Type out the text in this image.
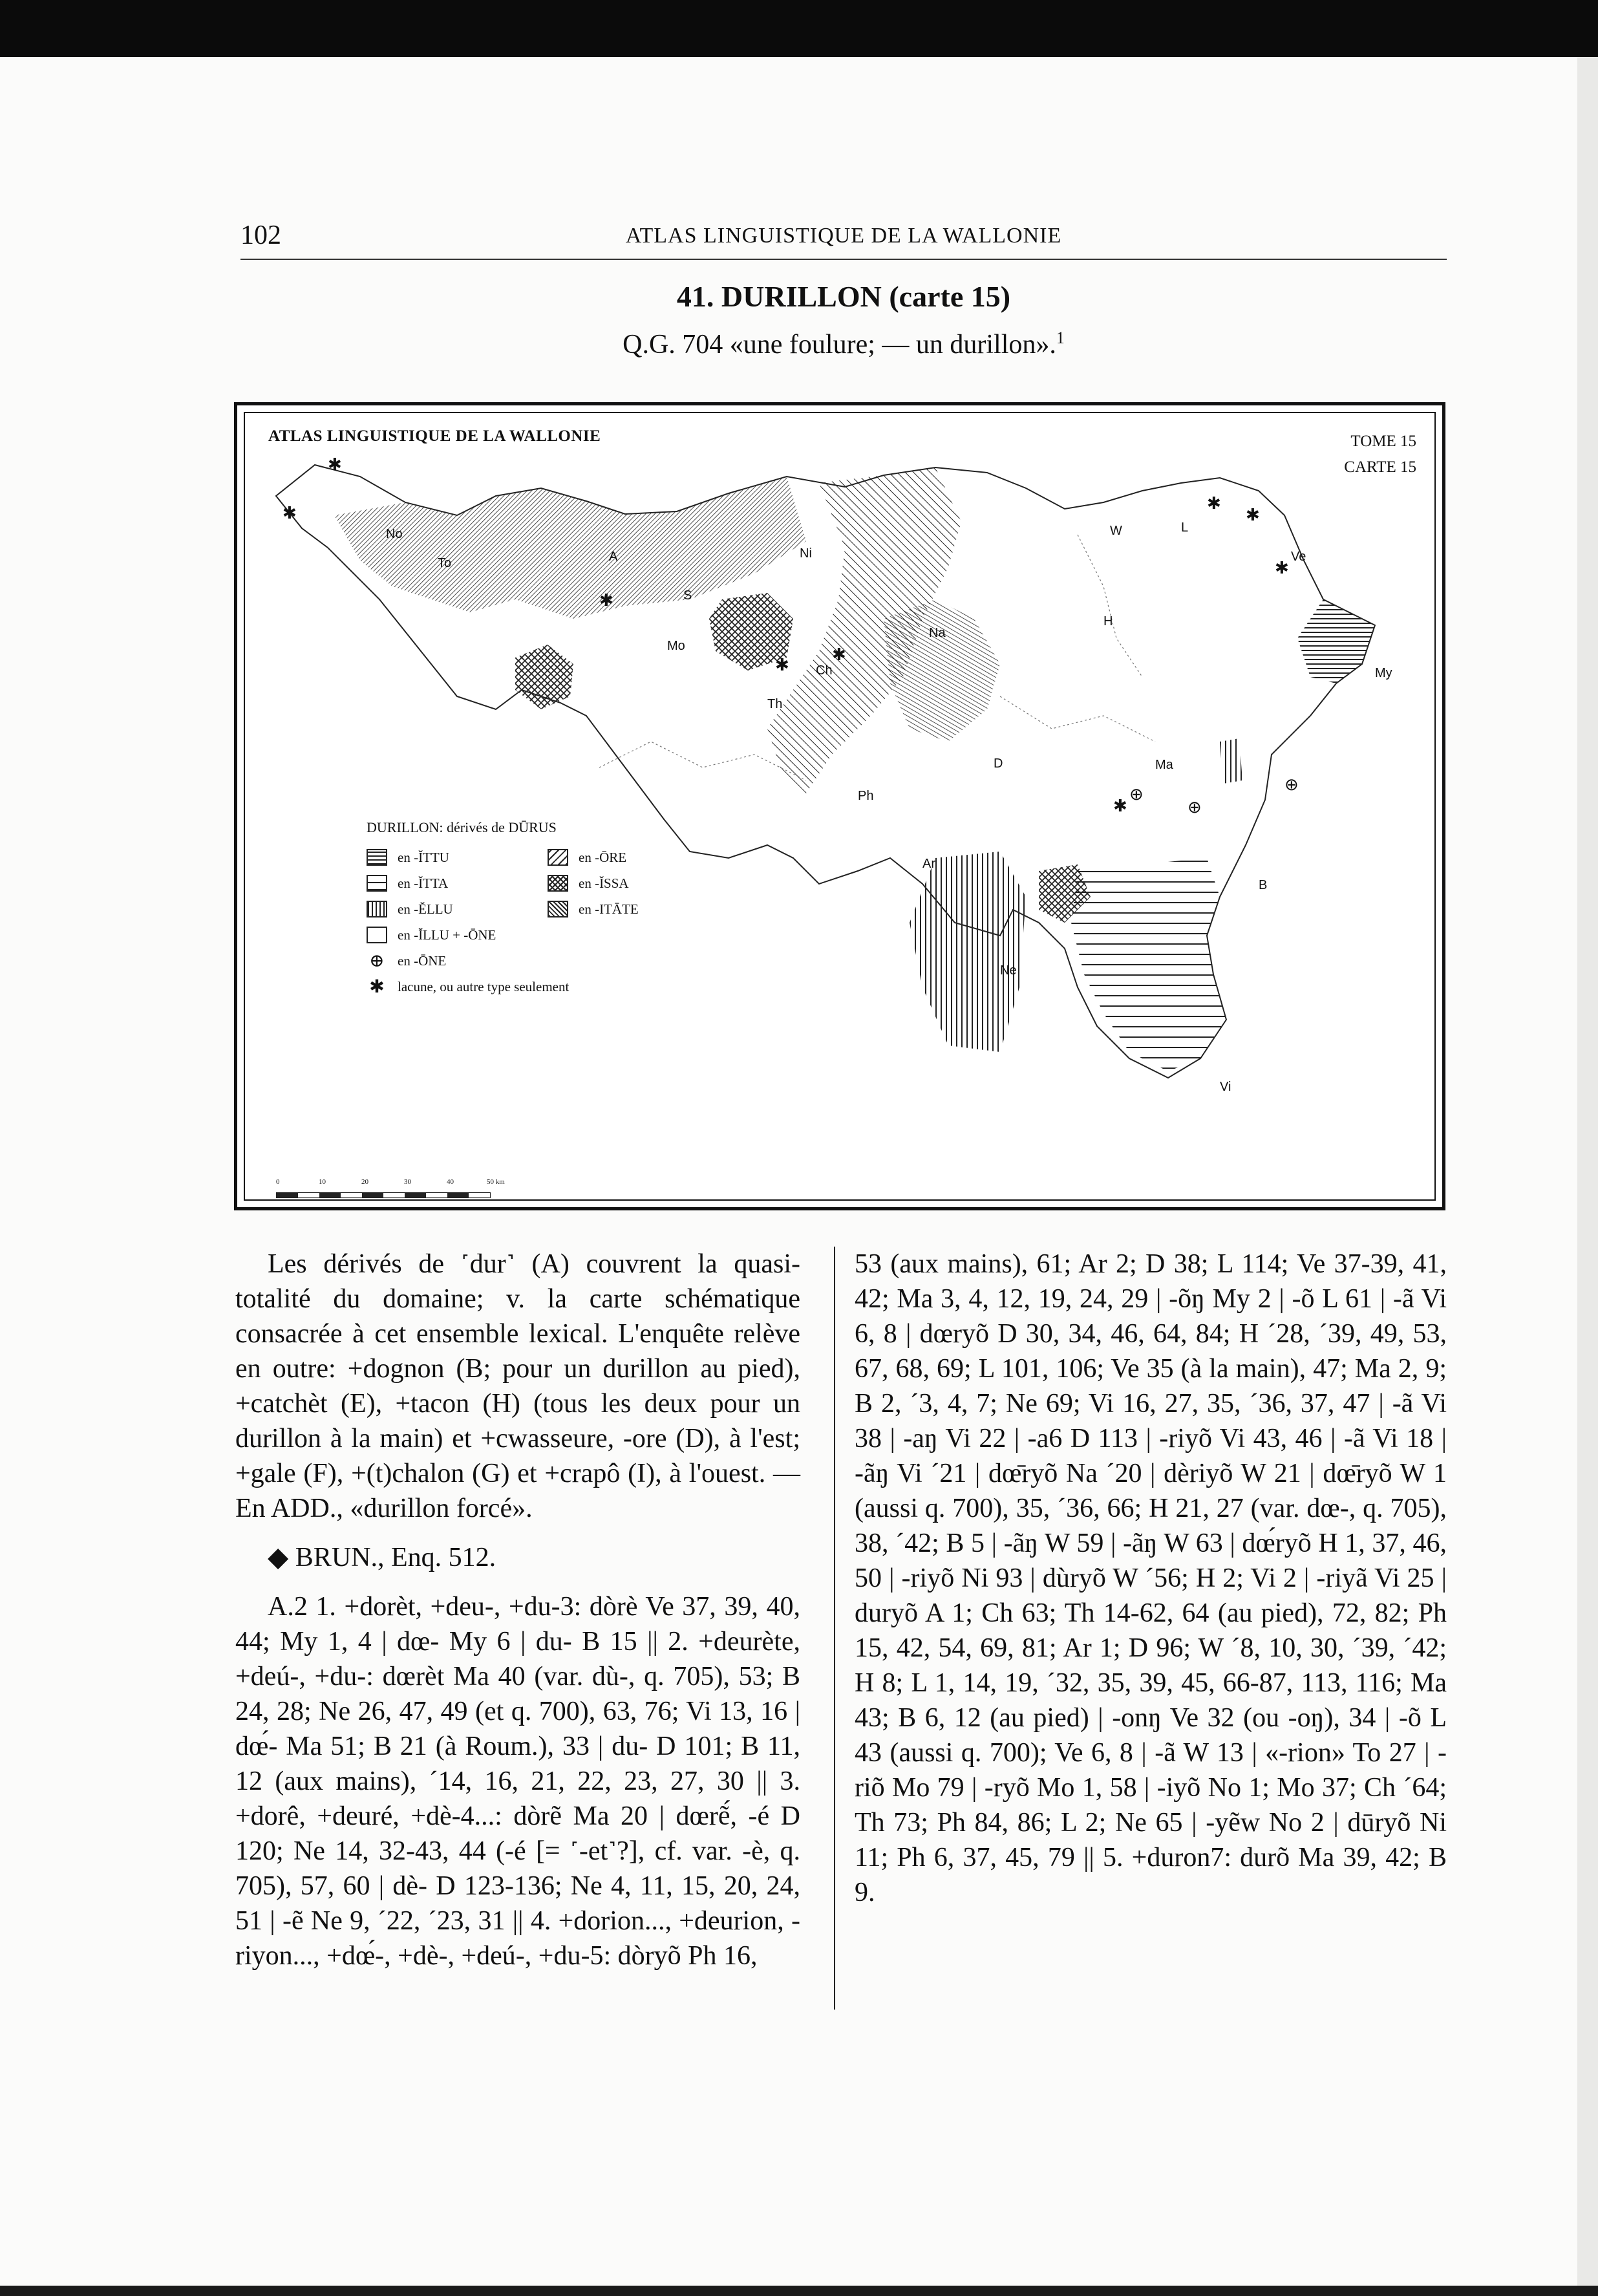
102	ATLAS LINGUISTIQUE DE LA WALLONIE
41. DURILLON (carte 15)
Q.G. 704 «une foulure; — un durillon».$^1$
No
To	A
S
Ni
Mo
Ch
Th
Na
Ph
Ar
D
Ne
W	L
Ve
H
My
Ma
B
Vi
✱
✱
✱
✱
✱
✱
✱
✱
✱
⊕
⊕
⊕
ATLAS LINGUISTIQUE DE LA WALLONIE	TOME 15
CARTE 15
DURILLON: dérivés de DŪRUS
en -ĬTTU
en -ĬTTA
en -ĔLLU
en -ĬLLU + -ŌNE
⊕ en -ŌNE
✱ lacune, ou autre type seulement
en -ŌRE
en -ĬSSA
en -ITĀTE
0	10	20	30	40	50 km

Les dérivés de ˹dur˺ (A) couvrent la quasi-totalité du domaine; v. la carte schématique consacrée à cet ensemble lexical. L'enquête relève en outre: +dognon (B; pour un durillon au pied), +catchèt (E), +tacon (H) (tous les deux pour un durillon à la main) et +cwasseure, -ore (D), à l'est; +gale (F), +(t)chalon (G) et +crapô (I), à l'ouest. — En ADD., «durillon forcé».

◆ BRUN., Enq. 512.

A.2 1. +dorèt, +deu-, +du-3: dòrè Ve 37, 39, 40, 44; My 1, 4 | dœ- My 6 | du- B 15 || 2. +deurète, +deú-, +du-: dœrèt Ma 40 (var. dù-, q. 705), 53; B 24, 28; Ne 26, 47, 49 (et q. 700), 63, 76; Vi 13, 16 | dœ́- Ma 51; B 21 (à Roum.), 33 | du- D 101; B 11, 12 (aux mains), ´14, 16, 21, 22, 23, 27, 30 || 3. +dorê, +deuré, +dè-4...: dòrẽ Ma 20 | dœrẽ́, -é D 120; Ne 14, 32-43, 44 (-é [= ˹-et˺?], cf. var. -è, q. 705), 57, 60 | dè- D 123-136; Ne 4, 11, 15, 20, 24, 51 | -ẽ Ne 9, ´22, ´23, 31 || 4. +dorion..., +deurion, -riyon..., +dœ́-, +dè-, +deú-, +du-5: dòryõ Ph 16,

53 (aux mains), 61; Ar 2; D 38; L 114; Ve 37-39, 41, 42; Ma 3, 4, 12, 19, 24, 29 | -õŋ My 2 | -õ L 61 | -ã Vi 6, 8 | dœryõ D 30, 34, 46, 64, 84; H ´28, ´39, 49, 53, 67, 68, 69; L 101, 106; Ve 35 (à la main), 47; Ma 2, 9; B 2, ´3, 4, 7; Ne 69; Vi 16, 27, 35, ´36, 37, 47 | -ã Vi 38 | -aŋ Vi 22 | -a6 D 113 | -riyõ Vi 43, 46 | -ã Vi 18 | -ãŋ Vi ´21 | dœ̄ryõ Na ´20 | dèriyõ W 21 | dœ̄ryõ W 1 (aussi q. 700), 35, ´36, 66; H 21, 27 (var. dœ-, q. 705), 38, ´42; B 5 | -ãŋ W 59 | -ãŋ W 63 | dœ́ryõ H 1, 37, 46, 50 | -riyõ Ni 93 | dùryõ W ´56; H 2; Vi 2 | -riyã Vi 25 | duryõ A 1; Ch 63; Th 14-62, 64 (au pied), 72, 82; Ph 15, 42, 54, 69, 81; Ar 1; D 96; W ´8, 10, 30, ´39, ´42; H 8; L 1, 14, 19, ´32, 35, 39, 45, 66-87, 113, 116; Ma 43; B 6, 12 (au pied) | -onŋ Ve 32 (ou -oŋ), 34 | -õ L 43 (aussi q. 700); Ve 6, 8 | -ã W 13 | «-rion» To 27 | -riõ Mo 79 | -ryõ Mo 1, 58 | -iyõ No 1; Mo 37; Ch ´64; Th 73; Ph 84, 86; L 2; Ne 65 | -yẽw No 2 | dūryõ Ni 11; Ph 6, 37, 45, 79 || 5. +duron7: durõ Ma 39, 42; B 9.
